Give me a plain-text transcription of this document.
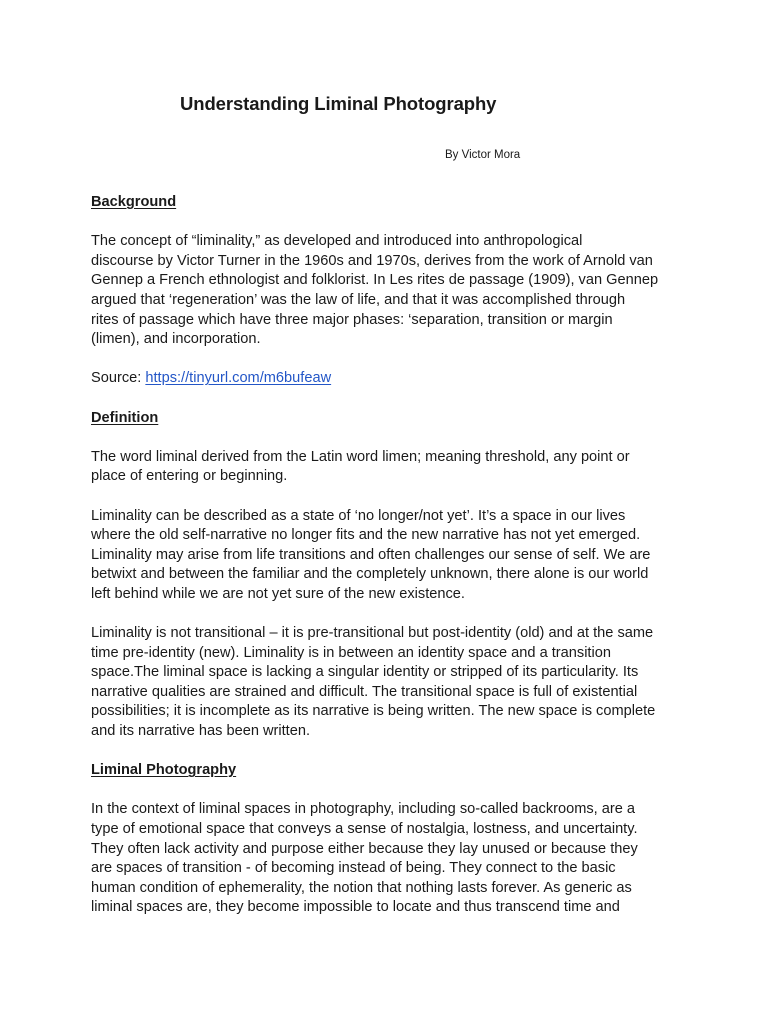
Understanding Liminal Photography

By Victor Mora

Background

The concept of “liminality,” as developed and introduced into anthropological
discourse by Victor Turner in the 1960s and 1970s, derives from the work of Arnold van
Gennep a French ethnologist and folklorist. In Les rites de passage (1909), van Gennep
argued that ‘regeneration’ was the law of life, and that it was accomplished through
rites of passage which have three major phases: ‘separation, transition or margin
(limen), and incorporation.

Source: https://tinyurl.com/m6bufeaw

Definition

The word liminal derived from the Latin word limen; meaning threshold, any point or
place of entering or beginning.

Liminality can be described as a state of ‘no longer/not yet’. It’s a space in our lives
where the old self-narrative no longer fits and the new narrative has not yet emerged.
Liminality may arise from life transitions and often challenges our sense of self. We are
betwixt and between the familiar and the completely unknown, there alone is our world
left behind while we are not yet sure of the new existence.

Liminality is not transitional – it is pre-transitional but post-identity (old) and at the same
time pre-identity (new). Liminality is in between an identity space and a transition
space.The liminal space is lacking a singular identity or stripped of its particularity. Its
narrative qualities are strained and difficult. The transitional space is full of existential
possibilities; it is incomplete as its narrative is being written. The new space is complete
and its narrative has been written.

Liminal Photography

In the context of liminal spaces in photography, including so-called backrooms, are a
type of emotional space that conveys a sense of nostalgia, lostness, and uncertainty.
They often lack activity and purpose either because they lay unused or because they
are spaces of transition - of becoming instead of being. They connect to the basic
human condition of ephemerality, the notion that nothing lasts forever. As generic as
liminal spaces are, they become impossible to locate and thus transcend time and
